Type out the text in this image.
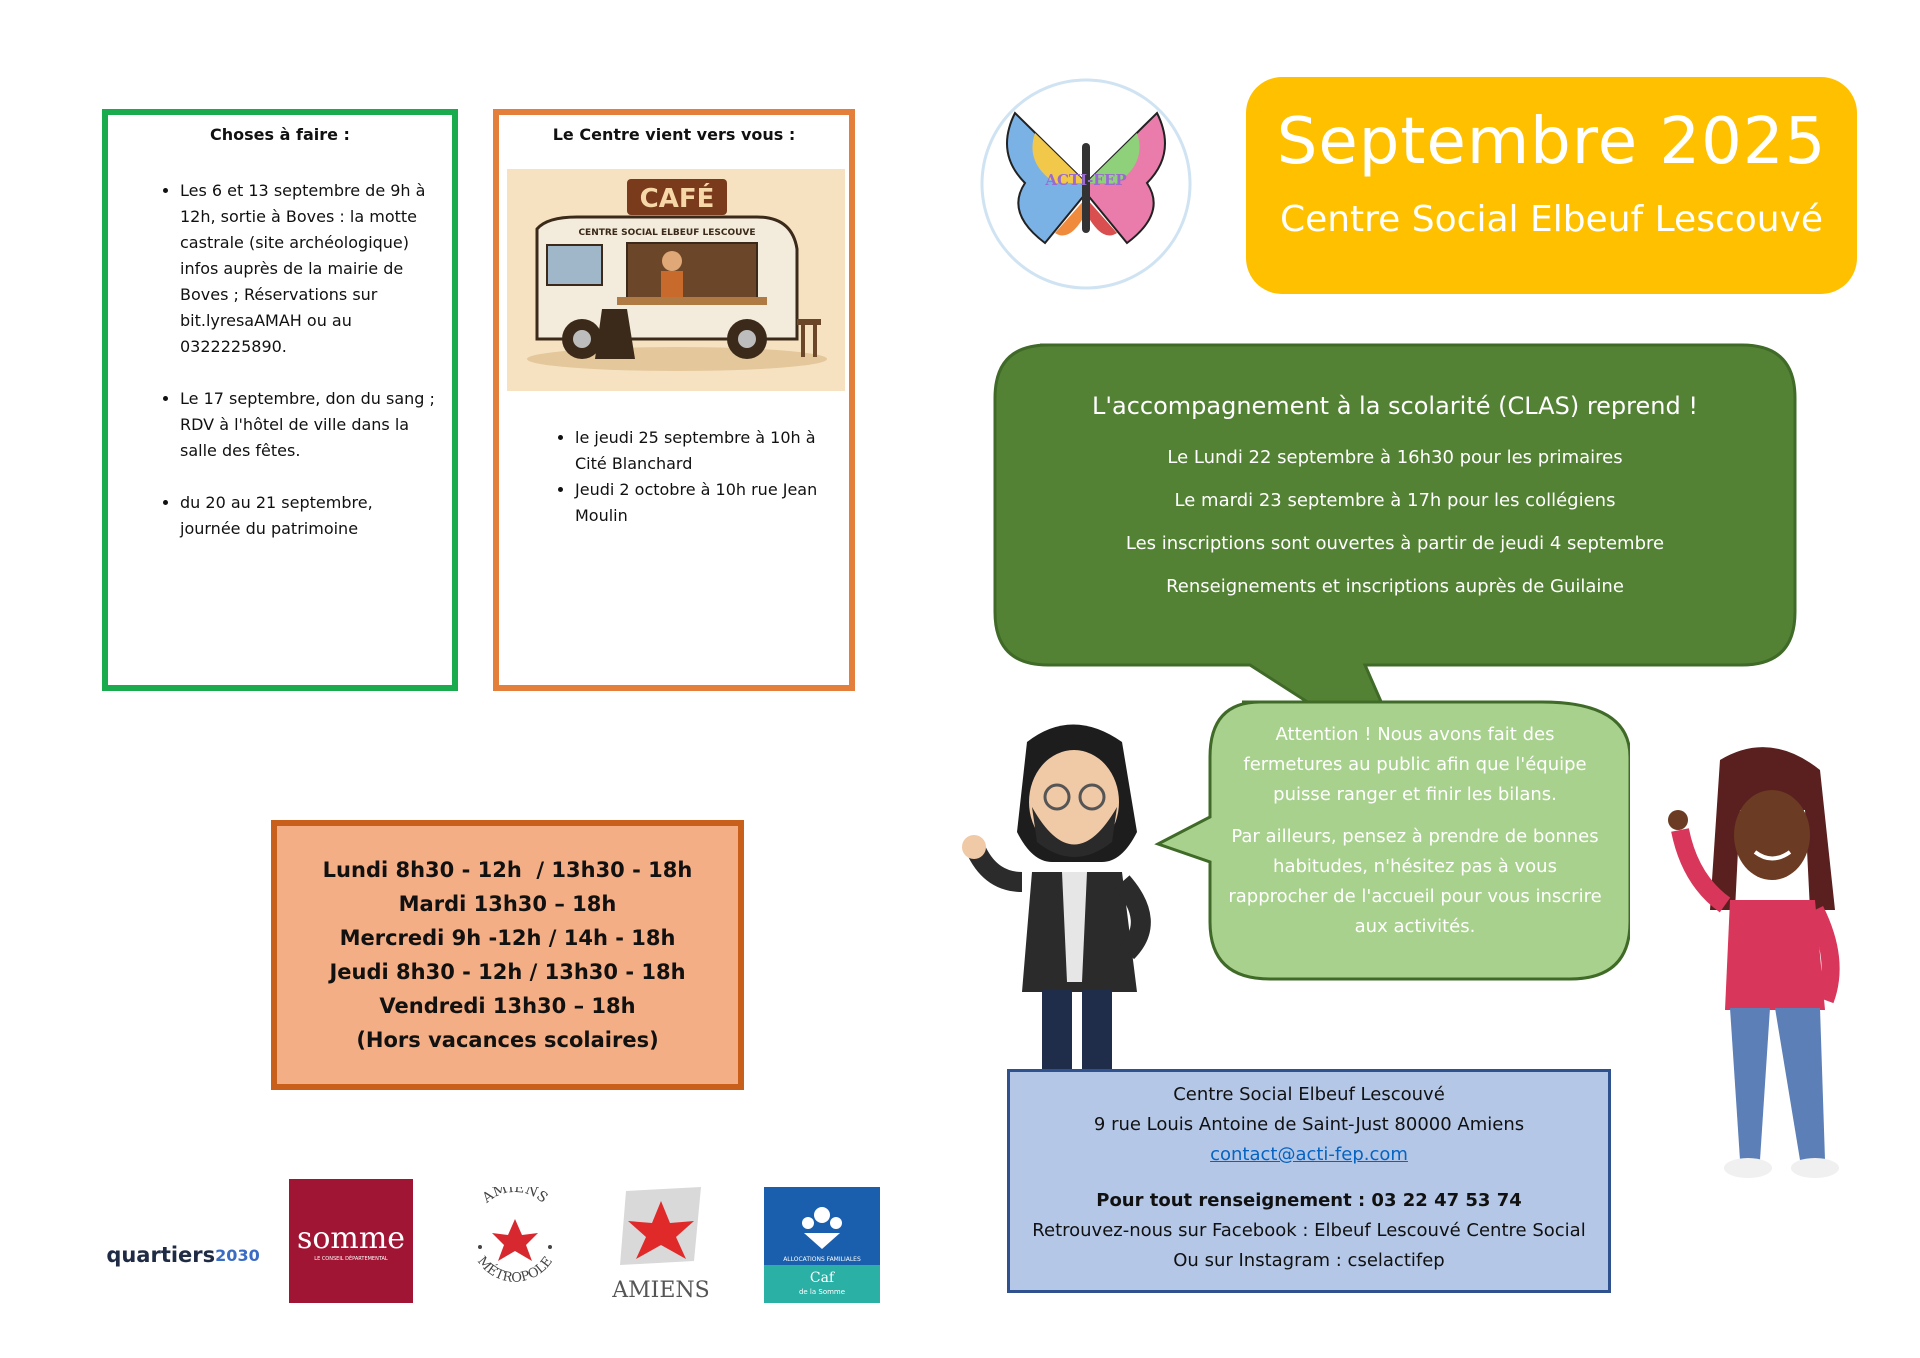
Choses à faire :
• Les 6 et 13 septembre de 9h à 12h, sortie à Boves : la motte castrale (site archéologique) infos auprès de la mairie de Boves ; Réservations sur bit.lyresaAMAH ou au 0322225890.
• Le 17 septembre, don du sang ; RDV à l'hôtel de ville dans la salle des fêtes.
• du 20 au 21 septembre, journée du patrimoine
Le Centre vient vers vous :
CAFÉ
CENTRE SOCIAL ELBEUF LESCOUVE
• le jeudi 25 septembre à 10h à Cité Blanchard
• Jeudi 2 octobre à 10h rue Jean Moulin
Lundi 8h30 - 12h  / 13h30 - 18h
Mardi 13h30 – 18h
Mercredi 9h -12h / 14h - 18h
Jeudi 8h30 - 12h / 13h30 - 18h
Vendredi 13h30 – 18h
(Hors vacances scolaires)
quartiers 2030 somme
LE CONSEIL DÉPARTEMENTAL
AMIENS
MÉTROPOLE
AMIENS
ALLOCATIONS FAMILIALES
Caf
de la Somme
ACTI-FEP
Septembre 2025
Centre Social Elbeuf Lescouvé
L'accompagnement à la scolarité (CLAS) reprend !
Le Lundi 22 septembre à 16h30 pour les primaires
Le mardi 23 septembre à 17h pour les collégiens
Les inscriptions sont ouvertes à partir de jeudi 4 septembre
Renseignements et inscriptions auprès de Guilaine

Attention ! Nous avons fait des fermetures au public afin que l'équipe puisse ranger et finir les bilans.

Par ailleurs, pensez à prendre de bonnes habitudes, n'hésitez pas à vous rapprocher de l'accueil pour vous inscrire aux activités.

Centre Social Elbeuf Lescouvé
9 rue Louis Antoine de Saint-Just 80000 Amiens
contact@acti-fep.com
Pour tout renseignement : 03 22 47 53 74
Retrouvez-nous sur Facebook : Elbeuf Lescouvé Centre Social
Ou sur Instagram : cselactifep
